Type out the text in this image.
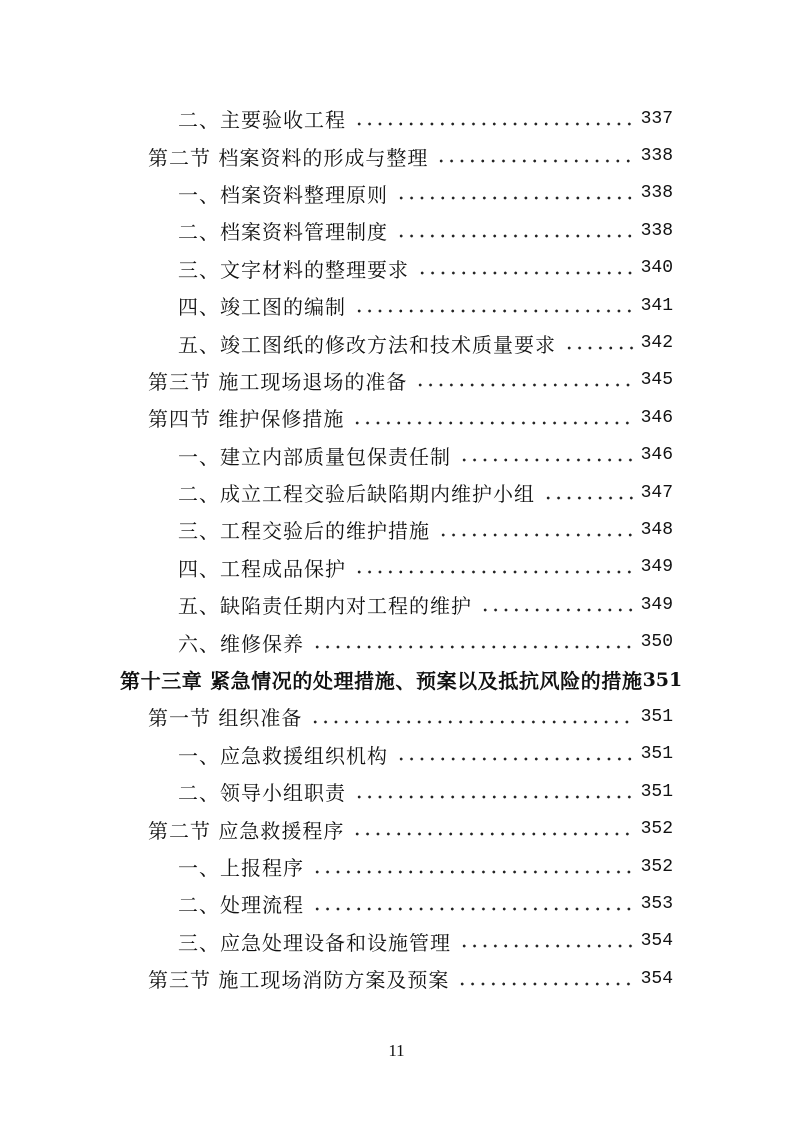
二、主要验收工程	337
第二节 档案资料的形成与整理	338
一、档案资料整理原则	338
二、档案资料管理制度	338
三、文字材料的整理要求	340
四、竣工图的编制	341
五、竣工图纸的修改方法和技术质量要求	342
第三节 施工现场退场的准备	345
第四节 维护保修措施	346
一、建立内部质量包保责任制	346
二、成立工程交验后缺陷期内维护小组	347
三、工程交验后的维护措施	348
四、工程成品保护	349
五、缺陷责任期内对工程的维护	349
六、维修保养	350
第十三章 紧急情况的处理措施、预案以及抵抗风险的措施 351
第一节 组织准备	351
一、应急救援组织机构	351
二、领导小组职责	351
第二节 应急救援程序	352
一、上报程序	352
二、处理流程	353
三、应急处理设备和设施管理	354
第三节 施工现场消防方案及预案	354
11
